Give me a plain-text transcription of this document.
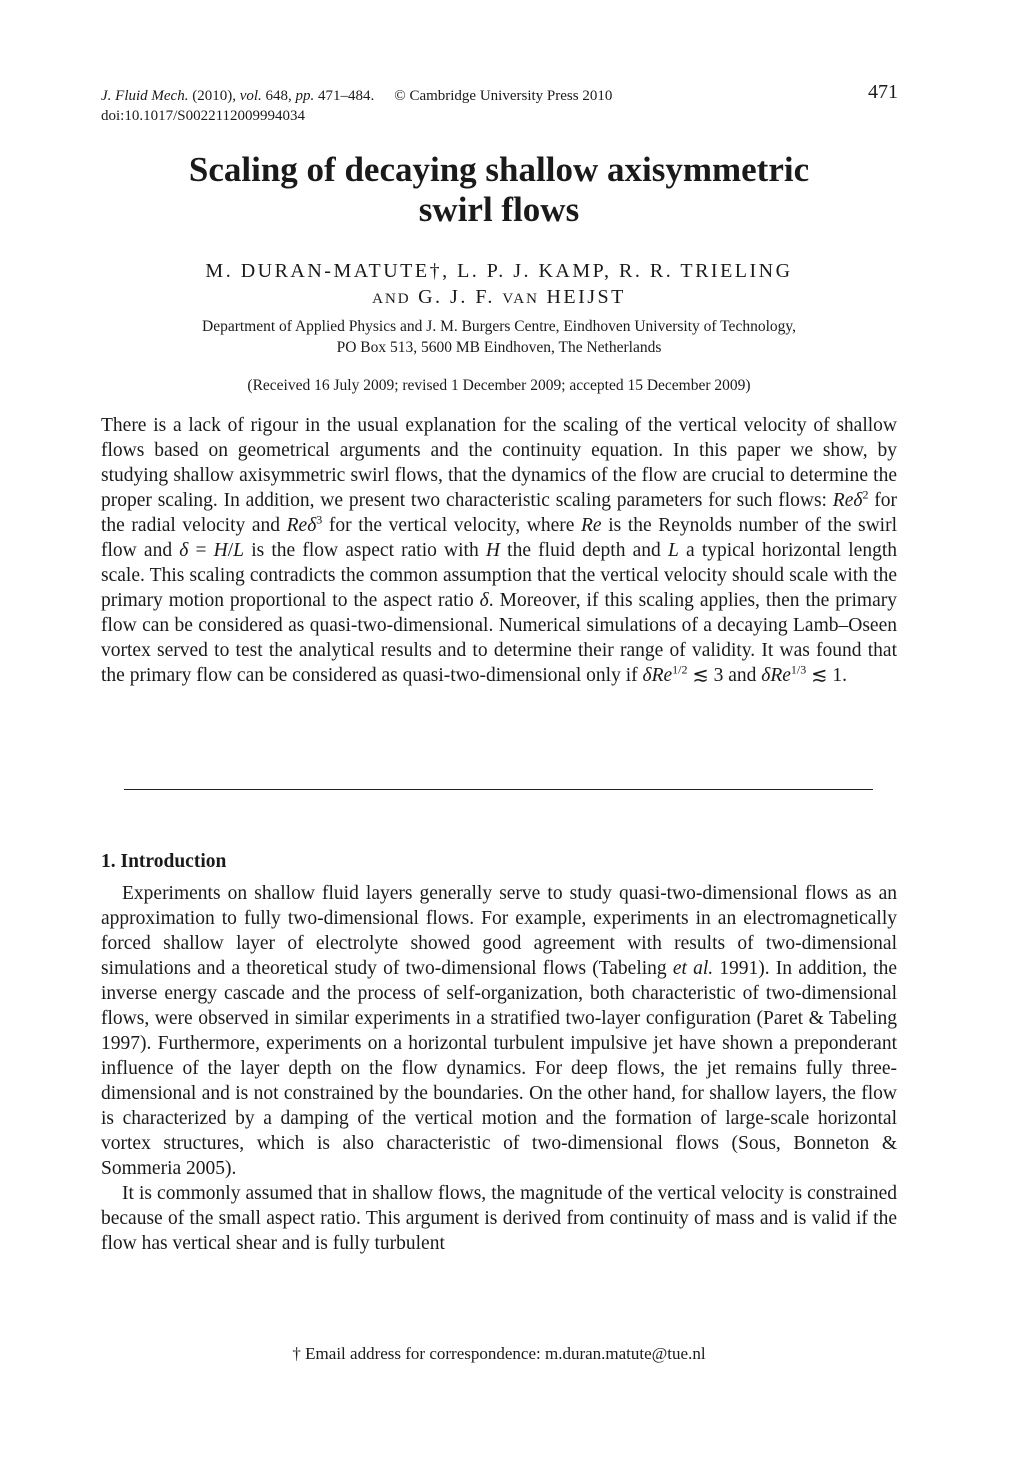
J. Fluid Mech. (2010), vol. 648, pp. 471–484. © Cambridge University Press 2010	471
doi:10.1017/S0022112009994034
Scaling of decaying shallow axisymmetric
swirl flows
M. DURAN-MATUTE†, L. P. J. KAMP, R. R. TRIELING
AND G. J. F. VAN HEIJST
Department of Applied Physics and J. M. Burgers Centre, Eindhoven University of Technology,
PO Box 513, 5600 MB Eindhoven, The Netherlands
(Received 16 July 2009; revised 1 December 2009; accepted 15 December 2009)

There is a lack of rigour in the usual explanation for the scaling of the vertical velocity of shallow flows based on geometrical arguments and the continuity equation. In this paper we show, by studying shallow axisymmetric swirl flows, that the dynamics of the flow are crucial to determine the proper scaling. In addition, we present two characteristic scaling parameters for such flows: Reδ$^2$ for the radial velocity and Reδ$^3$ for the vertical velocity, where Re is the Reynolds number of the swirl flow and δ = H/L is the flow aspect ratio with H the fluid depth and L a typical horizontal length scale. This scaling contradicts the common assumption that the vertical velocity should scale with the primary motion proportional to the aspect ratio δ. Moreover, if this scaling applies, then the primary flow can be considered as quasi-two-dimensional. Numerical simulations of a decaying Lamb–Oseen vortex served to test the analytical results and to determine their range of validity. It was found that the primary flow can be considered as quasi-two-dimensional only if δRe$^{1/2}$ ≲ 3 and δRe$^{1/3}$ ≲ 1.

1. Introduction

Experiments on shallow fluid layers generally serve to study quasi-two-dimensional flows as an approximation to fully two-dimensional flows. For example, experiments in an electromagnetically forced shallow layer of electrolyte showed good agreement with results of two-dimensional simulations and a theoretical study of two-dimensional flows (Tabeling et al. 1991). In addition, the inverse energy cascade and the process of self-organization, both characteristic of two-dimensional flows, were observed in similar experiments in a stratified two-layer configuration (Paret & Tabeling 1997). Furthermore, experiments on a horizontal turbulent impulsive jet have shown a preponderant influence of the layer depth on the flow dynamics. For deep flows, the jet remains fully three-dimensional and is not constrained by the boundaries. On the other hand, for shallow layers, the flow is characterized by a damping of the vertical motion and the formation of large-scale horizontal vortex structures, which is also characteristic of two-dimensional flows (Sous, Bonneton & Sommeria 2005).

It is commonly assumed that in shallow flows, the magnitude of the vertical velocity is constrained because of the small aspect ratio. This argument is derived from continuity of mass and is valid if the flow has vertical shear and is fully turbulent

† Email address for correspondence: m.duran.matute@tue.nl
